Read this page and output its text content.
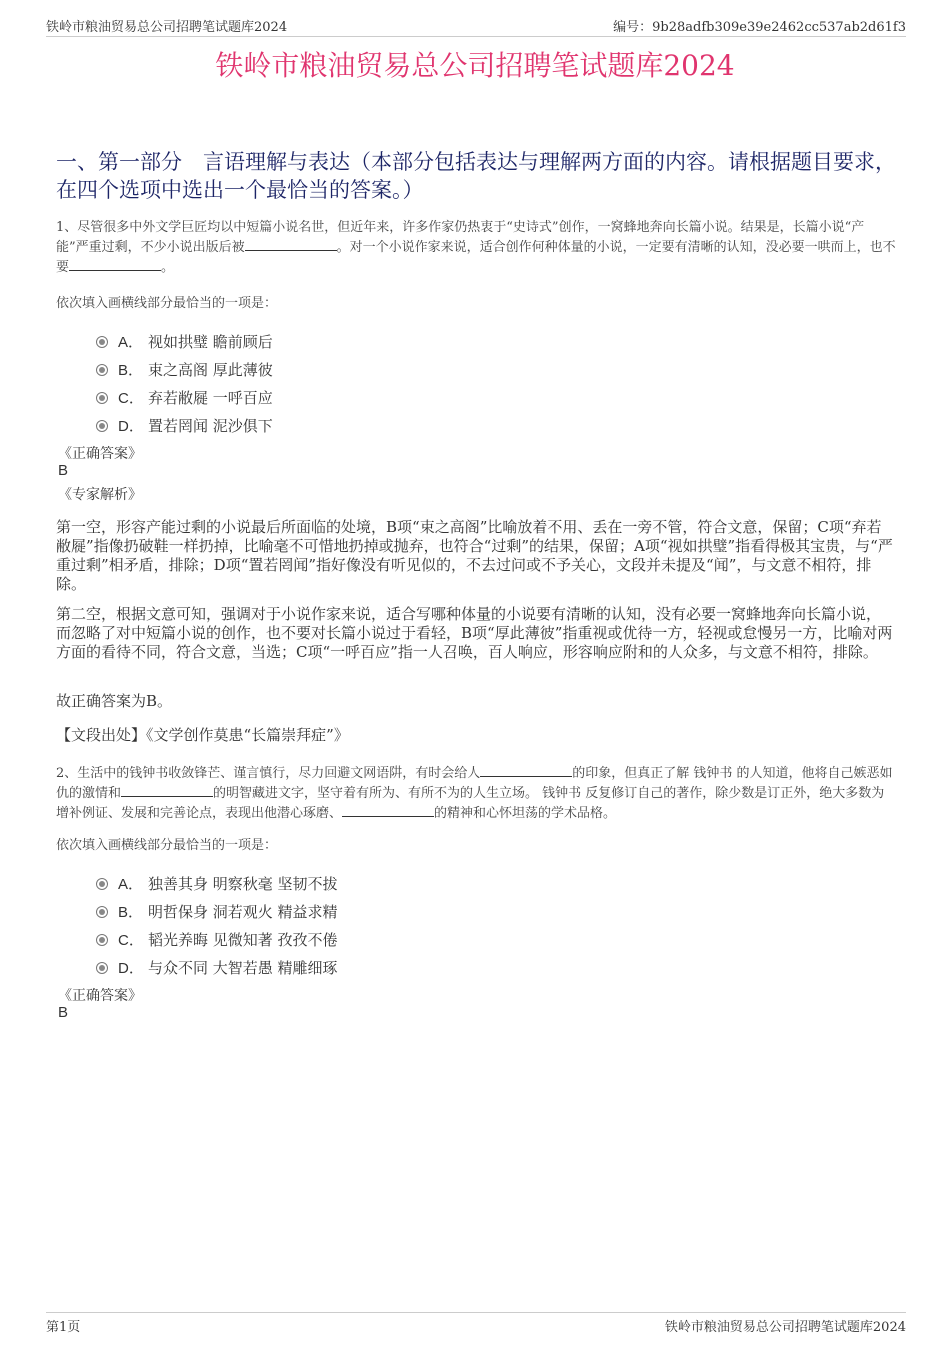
铁岭市粮油贸易总公司招聘笔试题库2024	编号：9b28adfb309e39e2462cc537ab2d61f3
铁岭市粮油贸易总公司招聘笔试题库2024
一、第一部分　言语理解与表达（本部分包括表达与理解两方面的内容。请根据题目要求，在四个选项中选出一个最恰当的答案。）
1、尽管很多中外文学巨匠均以中短篇小说名世，但近年来，许多作家仍热衷于“史诗式”创作，一窝蜂地奔向长篇小说。结果是，长篇小说“产能”严重过剩，不少小说出版后被	。对一个小说作家来说，适合创作何种体量的小说，一定要有清晰的认知，没必要一哄而上，也不要	。
依次填入画横线部分最恰当的一项是：
A． 视如拱璧 瞻前顾后
B． 束之高阁 厚此薄彼
C． 弃若敝屣 一呼百应
D． 置若罔闻 泥沙俱下
《正确答案》
B
《专家解析》
第一空，形容产能过剩的小说最后所面临的处境，B项“束之高阁”比喻放着不用、丢在一旁不管，符合文意，保留；C项“弃若敝屣”指像扔破鞋一样扔掉，比喻毫不可惜地扔掉或抛弃，也符合“过剩”的结果，保留；A项“视如拱璧”指看得极其宝贵，与“严重过剩”相矛盾，排除；D项“置若罔闻”指好像没有听见似的，不去过问或不予关心，文段并未提及“闻”，与文意不相符，排除。
第二空，根据文意可知，强调对于小说作家来说，适合写哪种体量的小说要有清晰的认知，没有必要一窝蜂地奔向长篇小说，而忽略了对中短篇小说的创作，也不要对长篇小说过于看轻，B项“厚此薄彼”指重视或优待一方，轻视或怠慢另一方，比喻对两方面的看待不同，符合文意，当选；C项“一呼百应”指一人召唤，百人响应，形容响应附和的人众多，与文意不相符，排除。
故正确答案为B。
【文段出处】《文学创作莫患“长篇崇拜症”》
2、生活中的钱钟书收敛锋芒、谨言慎行，尽力回避文网语阱，有时会给人	的印象，但真正了解 钱钟书 的人知道，他将自己嫉恶如仇的激情和	的明智藏进文字，坚守着有所为、有所不为的人生立场。 钱钟书 反复修订自己的著作，除少数是订正外，绝大多数为增补例证、发展和完善论点，表现出他潜心琢磨、	的精神和心怀坦荡的学术品格。
依次填入画横线部分最恰当的一项是：
A． 独善其身 明察秋毫 坚韧不拔
B． 明哲保身 洞若观火 精益求精
C． 韬光养晦 见微知著 孜孜不倦
D． 与众不同 大智若愚 精雕细琢
《正确答案》
B
第1页	铁岭市粮油贸易总公司招聘笔试题库2024
